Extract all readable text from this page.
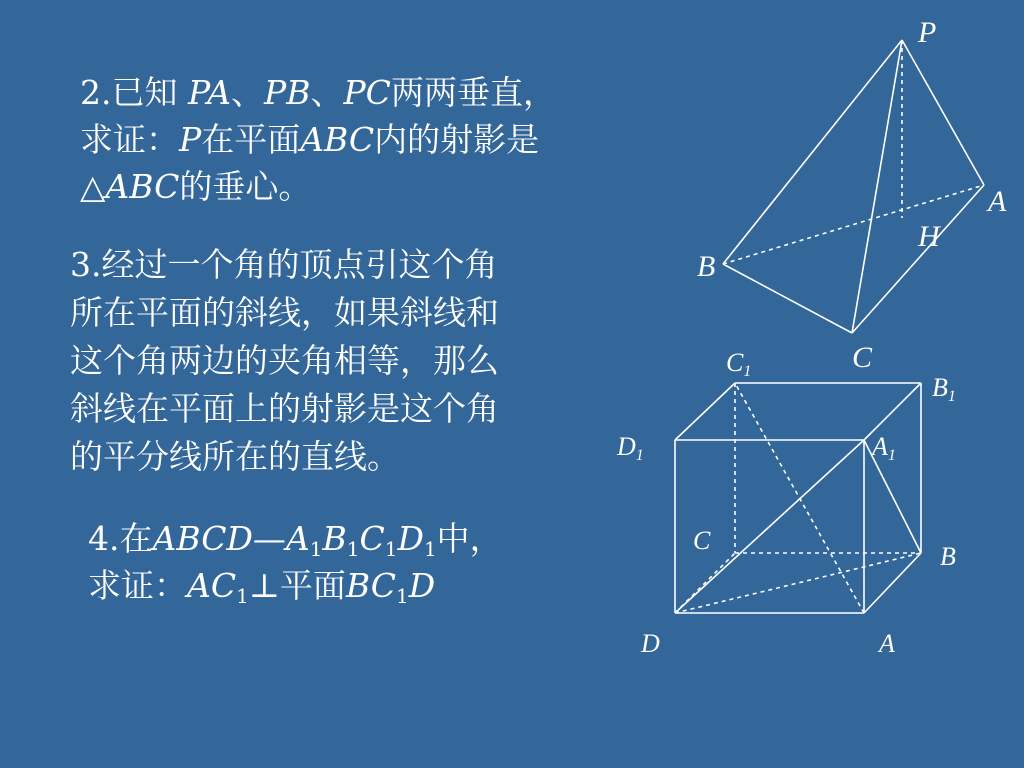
2.已知 PA、PB、PC两两垂直，
求证：P在平面ABC内的射影是
△ABC的垂心。
3.经过一个角的顶点引这个角
所在平面的斜线，如果斜线和
这个角两边的夹角相等，那么
斜线在平面上的射影是这个角
的平分线所在的直线。
4.在$ABCD—A_1B_1C_1D_1$中，
求证：$AC_1\perp$平面$BC_1D$
P
A
H
B
C
C1
B1
D1	A1
C
B
D	A
